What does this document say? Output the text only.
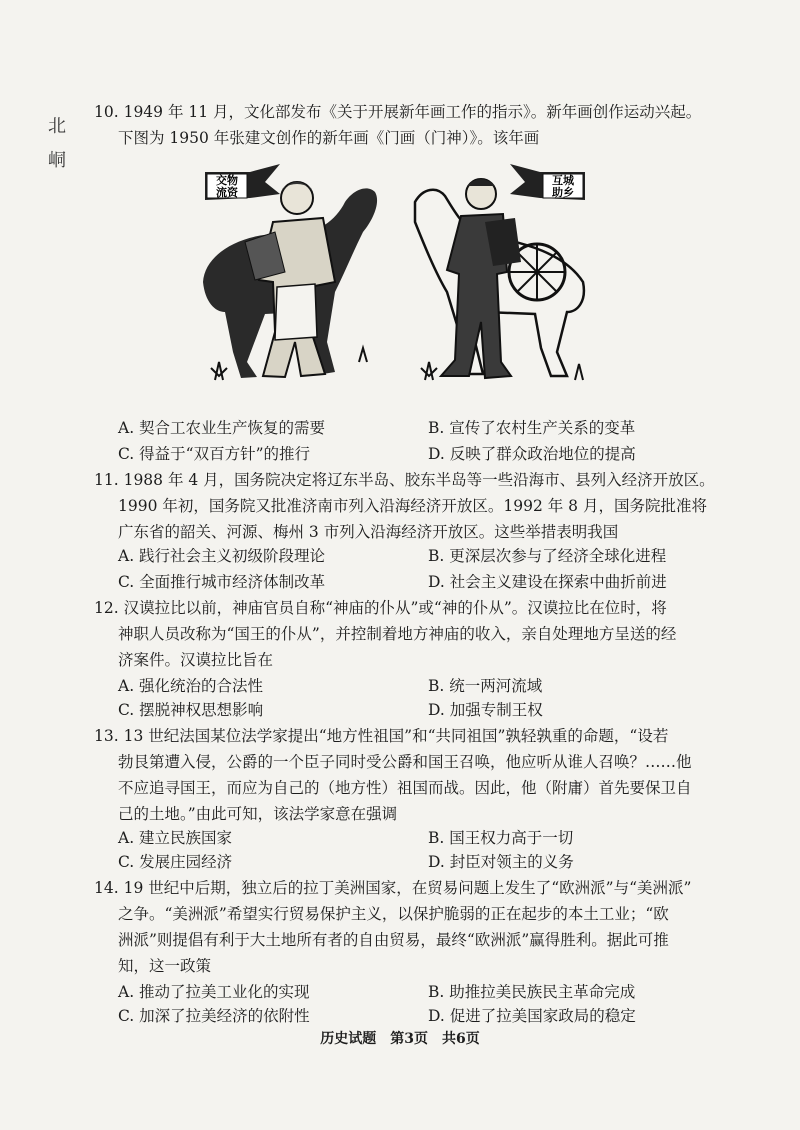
北
峒
10. 1949 年 11 月，文化部发布《关于开展新年画工作的指示》。新年画创作运动兴起。
下图为 1950 年张建文创作的新年画《门画（门神）》。该年画
交物
流资
互城
助乡
A. 契合工农业生产恢复的需要	B. 宣传了农村生产关系的变革
C. 得益于“双百方针”的推行	D. 反映了群众政治地位的提高
11. 1988 年 4 月，国务院决定将辽东半岛、胶东半岛等一些沿海市、县列入经济开放区。
1990 年初，国务院又批准济南市列入沿海经济开放区。1992 年 8 月，国务院批准将
广东省的韶关、河源、梅州 3 市列入沿海经济开放区。这些举措表明我国
A. 践行社会主义初级阶段理论	B. 更深层次参与了经济全球化进程
C. 全面推行城市经济体制改革	D. 社会主义建设在探索中曲折前进
12. 汉谟拉比以前，神庙官员自称“神庙的仆从”或“神的仆从”。汉谟拉比在位时，将
神职人员改称为“国王的仆从”，并控制着地方神庙的收入，亲自处理地方呈送的经
济案件。汉谟拉比旨在
A. 强化统治的合法性	B. 统一两河流域
C. 摆脱神权思想影响	D. 加强专制王权
13. 13 世纪法国某位法学家提出“地方性祖国”和“共同祖国”孰轻孰重的命题，“设若
勃艮第遭入侵，公爵的一个臣子同时受公爵和国王召唤，他应听从谁人召唤？……他
不应追寻国王，而应为自己的（地方性）祖国而战。因此，他（附庸）首先要保卫自
己的土地。”由此可知，该法学家意在强调
A. 建立民族国家	B. 国王权力高于一切
C. 发展庄园经济	D. 封臣对领主的义务
14. 19 世纪中后期，独立后的拉丁美洲国家，在贸易问题上发生了“欧洲派”与“美洲派”
之争。“美洲派”希望实行贸易保护主义，以保护脆弱的正在起步的本土工业；“欧
洲派”则提倡有利于大土地所有者的自由贸易，最终“欧洲派”赢得胜利。据此可推
知，这一政策
A. 推动了拉美工业化的实现	B. 助推拉美民族民主革命完成
C. 加深了拉美经济的依附性	D. 促进了拉美国家政局的稳定
历史试题　第3页　共6页
